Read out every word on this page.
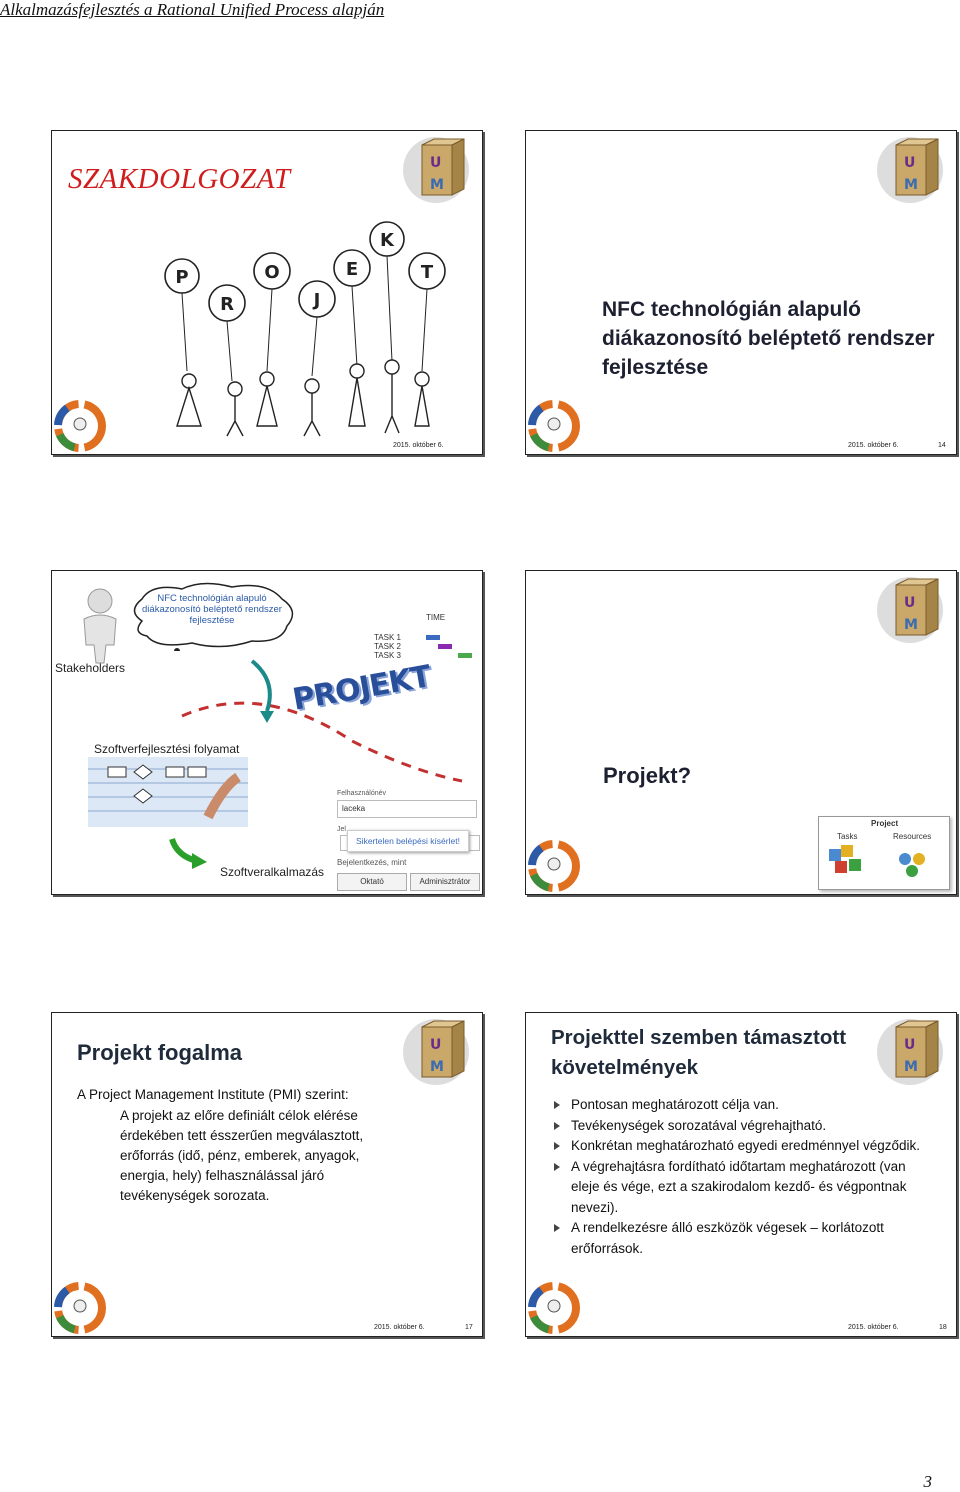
Alkalmazásfejlesztés a Rational Unified Process alapján
U
M
SZAKDOLGOZAT
P
R
O
J
E
K
T
2015. október 6.
U
M
NFC technológián alapuló
diákazonosító beléptető rendszer
fejlesztése
2015. október 6.	14
Stakeholders
NFC technológián alapuló
diákazonosító beléptető rendszer
fejlesztése	TIME
TASK 1
TASK 2
TASK 3
PROJEKT
Szoftverfejlesztési folyamat
Felhasználónév
laceka
Jel
Sikertelen belépési kísérlet!
Bejelentkezés, mint
Oktató	Adminisztrátor
Szoftveralkalmazás
U
M
Projekt?
Project
Tasks	Resources
U
M
Projekt fogalma
A Project Management Institute (PMI) szerint:
A projekt az előre definiált célok elérése
érdekében tett ésszerűen megválasztott,
erőforrás (idő, pénz, emberek, anyagok,
energia, hely) felhasználással járó
tevékenységek sorozata.
2015. október 6.	17
U
M
Projekttel szemben támasztott
követelmények
Pontosan meghatározott célja van.
Tevékenységek sorozatával végrehajtható.
Konkrétan meghatározható egyedi eredménnyel végződik.
A végrehajtásra fordítható időtartam meghatározott (van eleje és vége, ezt a szakirodalom kezdő- és végpontnak nevezi).
A rendelkezésre álló eszközök végesek – korlátozott erőforrások.
2015. október 6.	18
3
